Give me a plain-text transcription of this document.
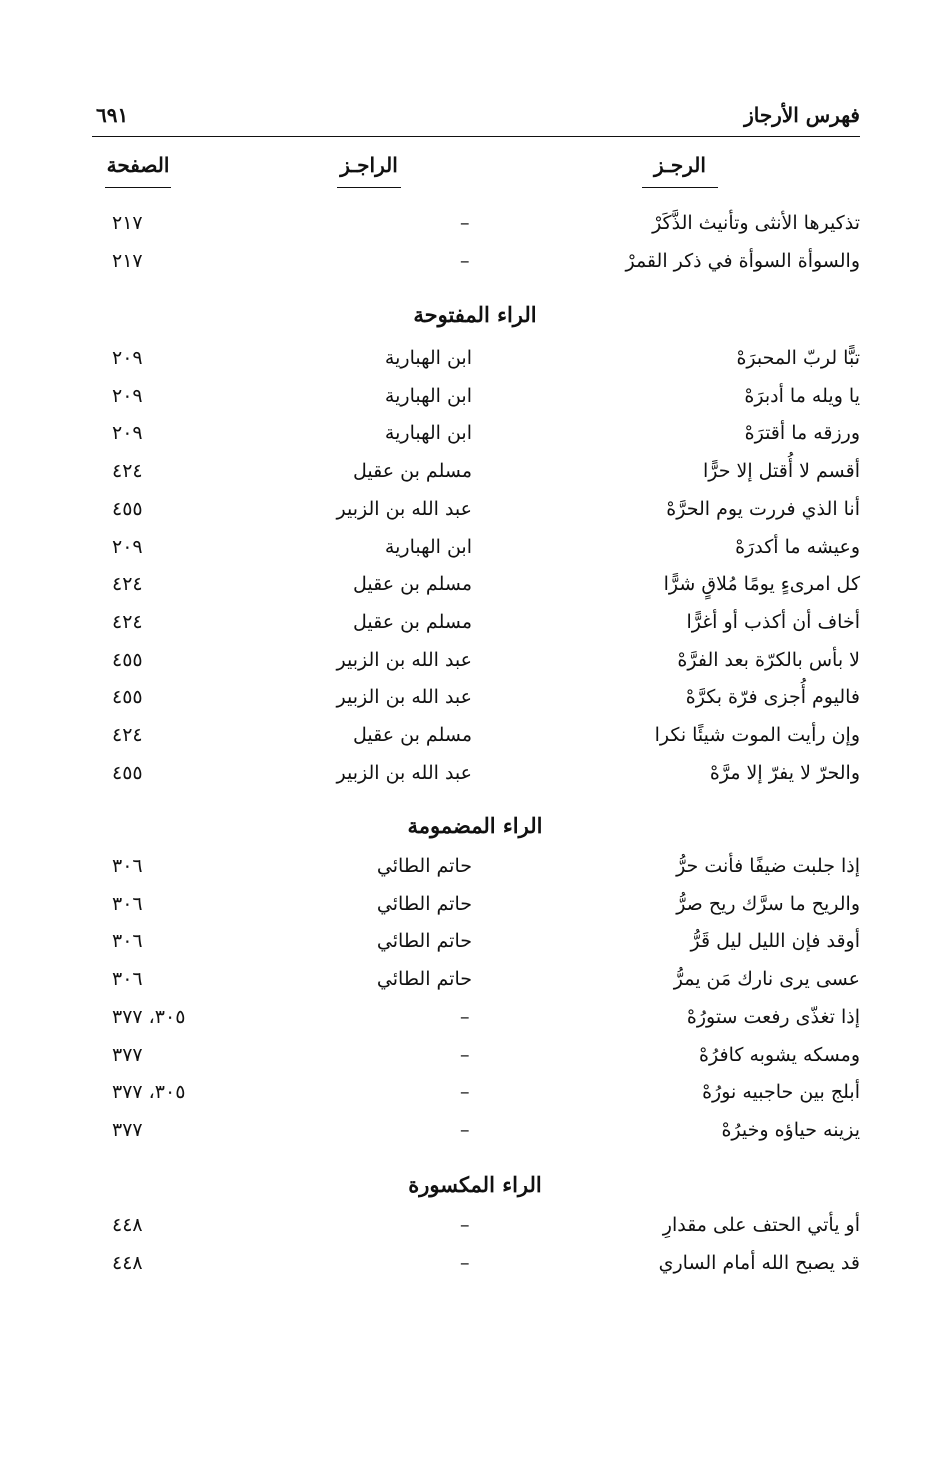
فهرس الأرجاز
٦٩١
الرجـز
الراجـز
الصفحة
تذكيرها الأنثى وتأنيث الذَّكَرْ
–
٢١٧
والسوأة السوأة في ذكر القمرْ
–
٢١٧
الراء المفتوحة
تبًّا لربّ المحبرَهْ
ابن الهبارية
٢٠٩
يا ويله ما أدبرَهْ
ابن الهبارية
٢٠٩
ورزقه ما أقترَهْ
ابن الهبارية
٢٠٩
أقسم لا أُقتل إلا حرًّا
مسلم بن عقيل
٤٢٤
أنا الذي فررت يوم الحرَّهْ
عبد الله بن الزبير
٤٥٥
وعيشه ما أكدرَهْ
ابن الهبارية
٢٠٩
كل امرىءٍ يومًا مُلاقٍ شرًّا
مسلم بن عقيل
٤٢٤
أخاف أن أكذب أو أغرًّا
مسلم بن عقيل
٤٢٤
لا بأس بالكرّة بعد الفرَّهْ
عبد الله بن الزبير
٤٥٥
فاليوم أُجزى فرّة بكرَّهْ
عبد الله بن الزبير
٤٥٥
وإن رأيت الموت شيئًا نكرا
مسلم بن عقيل
٤٢٤
والحرّ لا يفرّ إلا مرَّهْ
عبد الله بن الزبير
٤٥٥
الراء المضمومة
إذا جلبت ضيفًا فأنت حرُّ
حاتم الطائي
٣٠٦
والريح ما سرَّك ريح صرُّ
حاتم الطائي
٣٠٦
أوقد فإن الليل ليل قَرُّ
حاتم الطائي
٣٠٦
عسى يرى نارك مَن يمرُّ
حاتم الطائي
٣٠٦
إذا تغذّى رفعت ستورُهْ
–
٣٠٥، ٣٧٧
ومسكه يشوبه كافرُهْ
–
٣٧٧
أبلج بين حاجبيه نورُهْ
–
٣٠٥، ٣٧٧
يزينه حياؤه وخيرُهْ
–
٣٧٧
الراء المكسورة
أو يأتي الحتف على مقدارِ
–
٤٤٨
قد يصبح الله أمام الساري
–
٤٤٨
